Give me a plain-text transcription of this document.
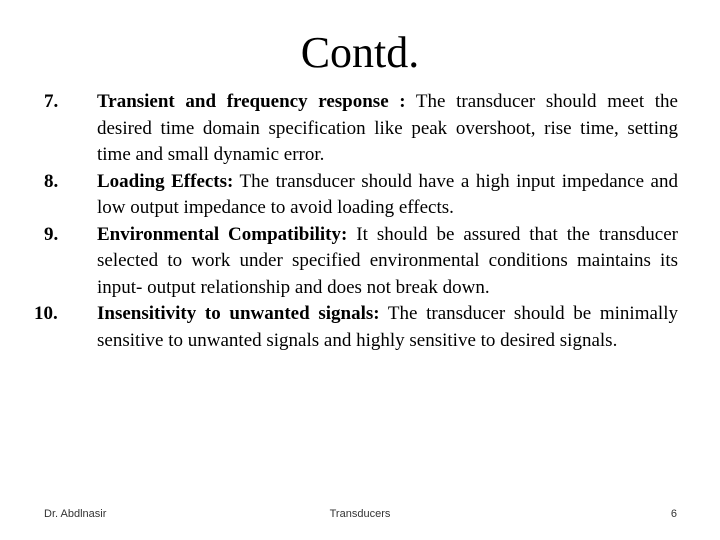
Contd.
7.	Transient and frequency response : The transducer should meet the desired time domain specification like peak overshoot, rise time, setting time and small dynamic error.
8.	Loading Effects: The transducer should have a high input impedance and low output impedance to avoid loading effects.
9.	Environmental Compatibility: It should be assured that the transducer selected to work under specified environmental conditions maintains its input- output relationship and does not break down.
10.	Insensitivity to unwanted signals: The transducer should be minimally sensitive to unwanted signals and highly sensitive to desired signals.
Dr. Abdlnasir	Transducers	6
